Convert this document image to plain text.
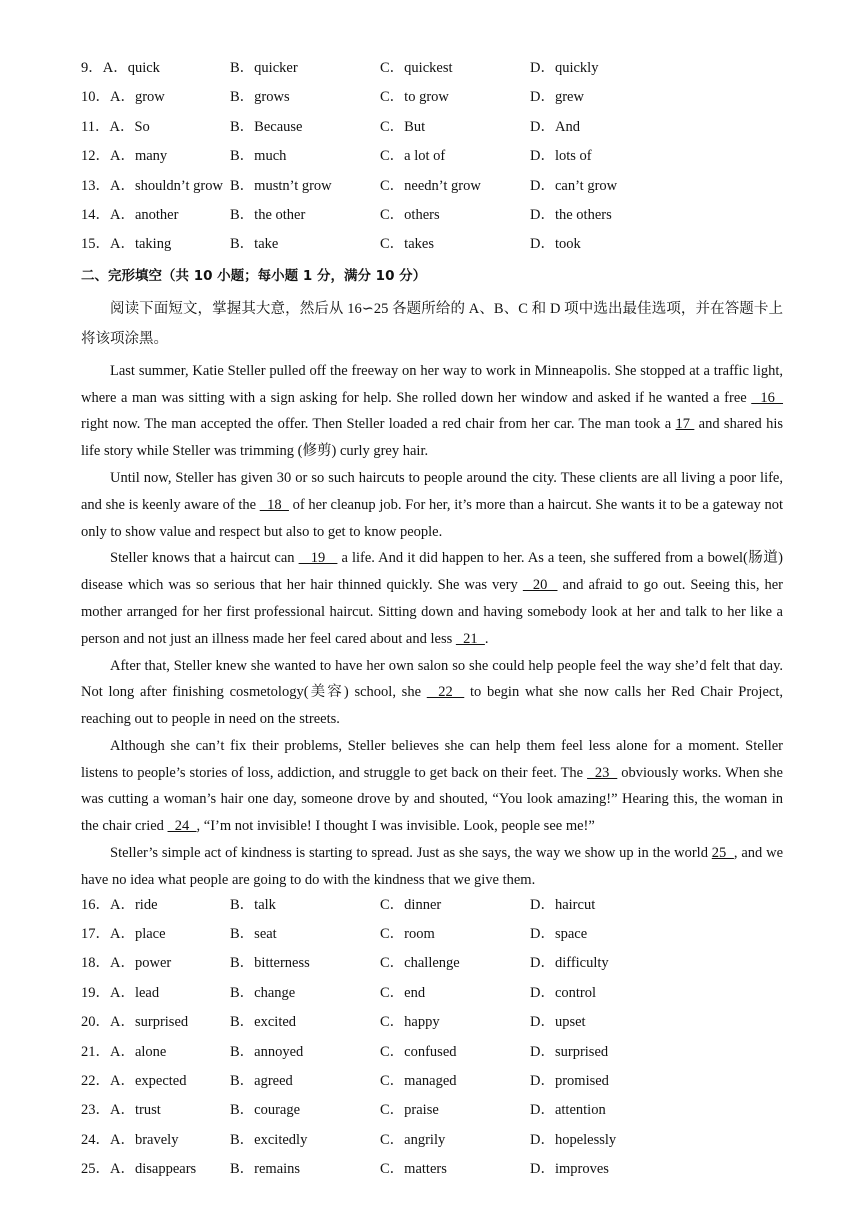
9．A．quick	B．quicker	C．quickest	D．quickly
10．A．grow	B．grows	C．to grow	D．grew
11．A．So	B．Because	C．But	D．And
12．A．many	B．much	C．a lot of	D．lots of
13．A．shouldn’t grow B．mustn’t grow	C．needn’t grow	D．can’t grow
14．A．another	B．the other	C．others	D．the others
15．A．taking	B．take	C．takes	D．took
二、完形填空（共 10 小题；每小题 1 分，满分 10 分）

阅读下面短文，掌握其大意，然后从 16∽25 各题所给的 A、B、C 和 D 项中选出最佳选项，并在答题卡上将该项涂黑。

Last summer, Katie Steller pulled off the freeway on her way to work in Minneapolis. She stopped at a traffic light, where a man was sitting with a sign asking for help. She rolled down her window and asked if he wanted a free   16   right now. The man accepted the offer. Then Steller loaded a red chair from her car. The man took a 17  and shared his life story while Steller was trimming (修剪) curly grey hair.

Until now, Steller has given 30 or so such haircuts to people around the city. These clients are all living a poor life, and she is keenly aware of the   18   of her cleanup job. For her, it’s more than a haircut. She wants it to be a gateway not only to show value and respect but also to get to know people.

Steller knows that a haircut can    19    a life. And it did happen to her. As a teen, she suffered from a bowel(肠道) disease which was so serious that her hair thinned quickly. She was very   20   and afraid to go out. Seeing this, her mother arranged for her first professional haircut. Sitting down and having somebody look at her and talk to her like a person and not just an illness made her feel cared about and less   21  .

After that, Steller knew she wanted to have her own salon so she could help people feel the way she’d felt that day. Not long after finishing cosmetology(美容) school, she   22   to begin what she now calls her Red Chair Project, reaching out to people in need on the streets.

Although she can’t fix their problems, Steller believes she can help them feel less alone for a moment. Steller listens to people’s stories of loss, addiction, and struggle to get back on their feet. The   23   obviously works. When she was cutting a woman’s hair one day, someone drove by and shouted, “You look amazing!” Hearing this, the woman in the chair cried   24  , “I’m not invisible! I thought I was invisible. Look, people see me!”

Steller’s simple act of kindness is starting to spread. Just as she says, the way we show up in the world 25  , and we have no idea what people are going to do with the kindness that we give them.

16．A．ride	B．talk	C．dinner	D．haircut
17．A．place	B．seat	C．room	D．space
18．A．power	B．bitterness	C．challenge	D．difficulty
19．A．lead	B．change	C．end	D．control
20．A．surprised	B．excited	C．happy	D．upset
21．A．alone	B．annoyed	C．confused	D．surprised
22．A．expected	B．agreed	C．managed	D．promised
23．A．trust	B．courage	C．praise	D．attention
24．A．bravely	B．excitedly	C．angrily	D．hopelessly
25．A．disappears B．remains	C．matters	D．improves
